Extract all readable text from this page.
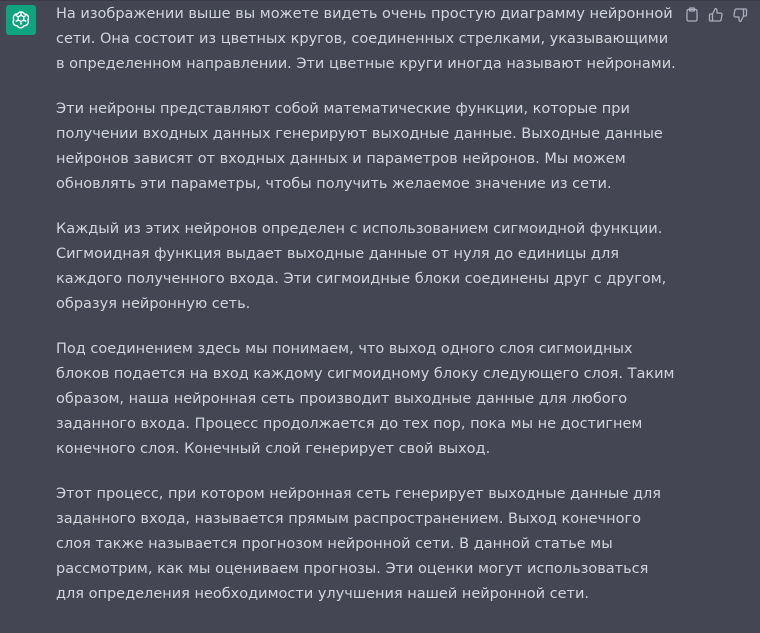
На изображении выше вы можете видеть очень простую диаграмму нейронной сети. Она состоит из цветных кругов, соединенных стрелками, указывающими в определенном направлении. Эти цветные круги иногда называют нейронами.

Эти нейроны представляют собой математические функции, которые при получении входных данных генерируют выходные данные. Выходные данные нейронов зависят от входных данных и параметров нейронов. Мы можем обновлять эти параметры, чтобы получить желаемое значение из сети.

Каждый из этих нейронов определен с использованием сигмоидной функции. Сигмоидная функция выдает выходные данные от нуля до единицы для каждого полученного входа. Эти сигмоидные блоки соединены друг с другом, образуя нейронную сеть.

Под соединением здесь мы понимаем, что выход одного слоя сигмоидных блоков подается на вход каждому сигмоидному блоку следующего слоя. Таким образом, наша нейронная сеть производит выходные данные для любого заданного входа. Процесс продолжается до тех пор, пока мы не достигнем конечного слоя. Конечный слой генерирует свой выход.

Этот процесс, при котором нейронная сеть генерирует выходные данные для заданного входа, называется прямым распространением. Выход конечного слоя также называется прогнозом нейронной сети. В данной статье мы рассмотрим, как мы оцениваем прогнозы. Эти оценки могут использоваться для определения необходимости улучшения нашей нейронной сети.
